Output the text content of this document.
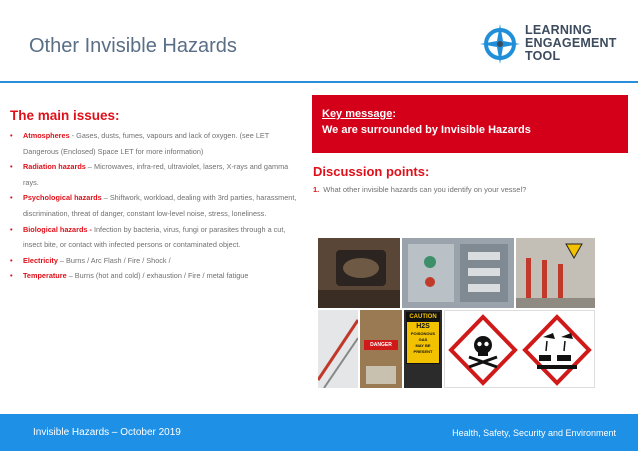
Other Invisible Hazards
LEARNING
ENGAGEMENT
TOOL
The main issues:
• Atmospheres - Gases, dusts, fumes, vapours and lack of oxygen. (see LET Dangerous (Enclosed) Space LET for more information)
• Radiation hazards – Microwaves, infra-red, ultraviolet, lasers, X-rays and gamma rays.
• Psychological hazards – Shiftwork, workload, dealing with 3rd parties, harassment, discrimination, threat of danger, constant low-level noise, stress, loneliness.
• Biological hazards - Infection by bacteria, virus, fungi or parasites through a cut, insect bite, or contact with infected persons or contaminated object.
• Electricity – Burns / Arc Flash / Fire / Shock /
• Temperature – Burns (hot and cold) / exhaustion / Fire / metal fatigue
Key message:
We are surrounded by Invisible Hazards
Discussion points:
1. What other invisible hazards can you identify on your vessel?
DANGER
CAUTION
H2S
POISONOUS GAS
MAY BE PRESENT
Invisible Hazards – October 2019	Health, Safety, Security and Environment
